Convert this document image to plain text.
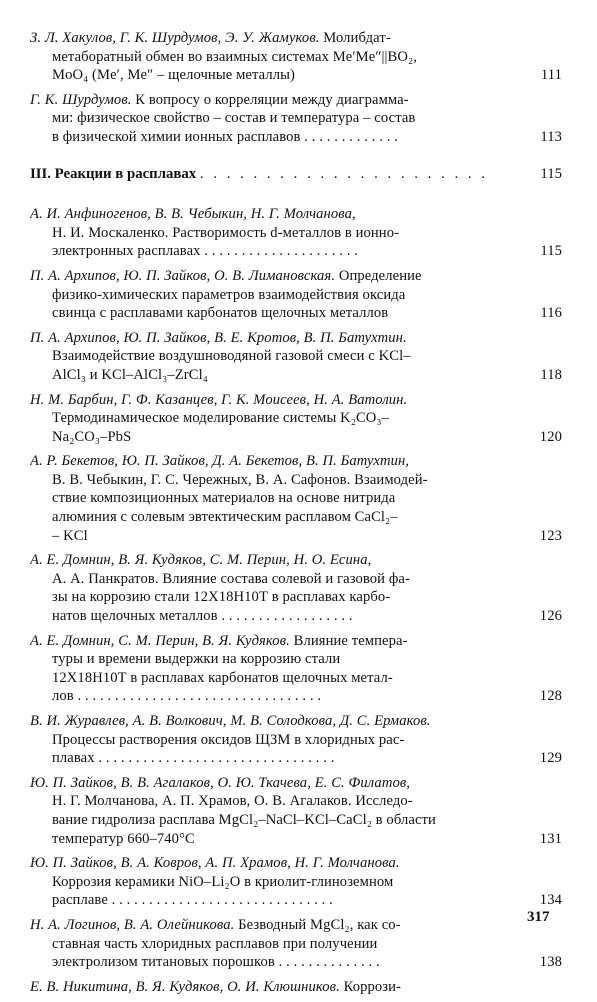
З. Л. Хакулов, Г. К. Шурдумов, Э. У. Жамуков. Молибдат-
метаборатный обмен во взаимных системах Me′Me″||BO₂,
MoO₄ (Me′, Me″ – щелочные металлы)	111
Г. К. Шурдумов. К вопросу о корреляции между диаграмма-
ми: физическое свойство – состав и температура – состав
в физической химии ионных расплавов . . . . . . . . . . . . .	113
III. Реакции в расплавах . . . . . . . . . . . . . . . . . . . . . .	115
А. И. Анфиногенов, В. В. Чебыкин, Н. Г. Молчанова,
Н. И. Москаленко. Растворимость d-металлов в ионно-
электронных расплавах . . . . . . . . . . . . . . . . . . . . .	115
П. А. Архипов, Ю. П. Зайков, О. В. Лимановская. Определение
физико-химических параметров взаимодействия оксида
свинца с расплавами карбонатов щелочных металлов	116
П. А. Архипов, Ю. П. Зайков, В. Е. Кротов, В. П. Батухтин.
Взаимодействие воздушноводяной газовой смеси с KCl–
AlCl₃ и KCl–AlCl₃–ZrCl₄	118
Н. М. Барбин, Г. Ф. Казанцев, Г. К. Моисеев, Н. А. Ватолин.
Термодинамическое моделирование системы K₂CO₃–
Na₂CO₃–PbS	120
А. Р. Бекетов, Ю. П. Зайков, Д. А. Бекетов, В. П. Батухтин,
В. В. Чебыкин, Г. С. Чережных, В. А. Сафонов. Взаимодей-
ствие композиционных материалов на основе нитрида
алюминия с солевым эвтектическим расплавом CaCl₂–
– KCl	123
А. Е. Домнин, В. Я. Кудяков, С. М. Перин, Н. О. Есина,
А. А. Панкратов. Влияние состава солевой и газовой фа-
зы на коррозию стали 12Х18Н10Т в расплавах карбо-
натов щелочных металлов . . . . . . . . . . . . . . . . . .	126
А. Е. Домнин, С. М. Перин, В. Я. Кудяков. Влияние темпера-
туры и времени выдержки на коррозию стали
12Х18Н10Т в расплавах карбонатов щелочных метал-
лов . . . . . . . . . . . . . . . . . . . . . . . . . . . . . . . . .	128
В. И. Журавлев, А. В. Волкович, М. В. Солодкова, Д. С. Ермаков.
Процессы растворения оксидов ЩЗМ в хлоридных рас-
плавах . . . . . . . . . . . . . . . . . . . . . . . . . . . . . . . .	129
Ю. П. Зайков, В. В. Агалаков, О. Ю. Ткачева, Е. С. Филатов,
Н. Г. Молчанова, А. П. Храмов, О. В. Агалаков. Исследо-
вание гидролиза расплава MgCl₂–NaCl–KCl–CaCl₂ в области
температур 660–740°С	131
Ю. П. Зайков, В. А. Ковров, А. П. Храмов, Н. Г. Молчанова.
Коррозия керамики NiO–Li₂O в криолит-глиноземном
расплаве . . . . . . . . . . . . . . . . . . . . . . . . . . . . . .	134
Н. А. Логинов, В. А. Олейникова. Безводный MgCl₂, как со-
ставная часть хлоридных расплавов при получении
электролизом титановых порошков . . . . . . . . . . . . . .	138
Е. В. Никитина, В. Я. Кудяков, О. И. Клюшников. Коррози-
317
